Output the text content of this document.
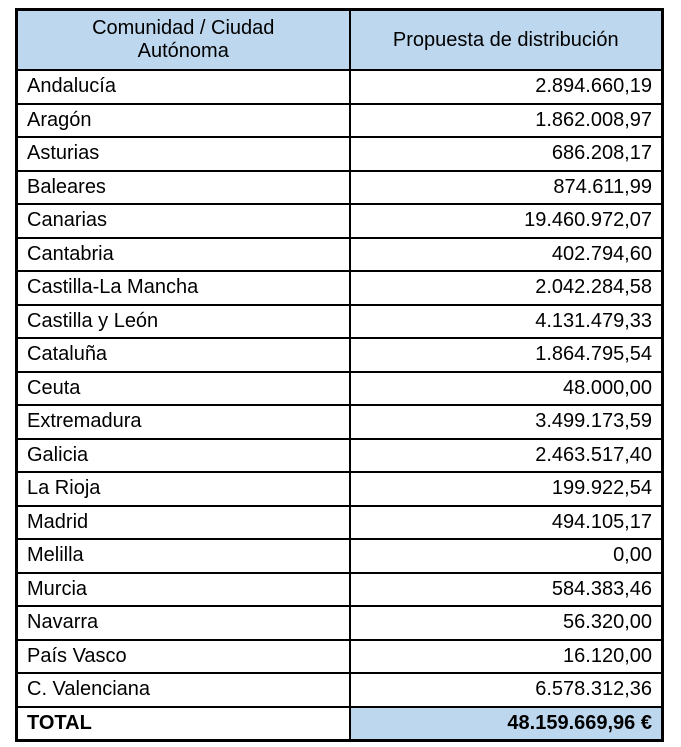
Comunidad / Ciudad Autónoma	Propuesta de distribución
Andalucía	2.894.660,19
Aragón	1.862.008,97
Asturias	686.208,17
Baleares	874.611,99
Canarias	19.460.972,07
Cantabria	402.794,60
Castilla-La Mancha	2.042.284,58
Castilla y León	4.131.479,33
Cataluña	1.864.795,54
Ceuta	48.000,00
Extremadura	3.499.173,59
Galicia	2.463.517,40
La Rioja	199.922,54
Madrid	494.105,17
Melilla	0,00
Murcia	584.383,46
Navarra	56.320,00
País Vasco	16.120,00
C. Valenciana	6.578.312,36
TOTAL	48.159.669,96 €
